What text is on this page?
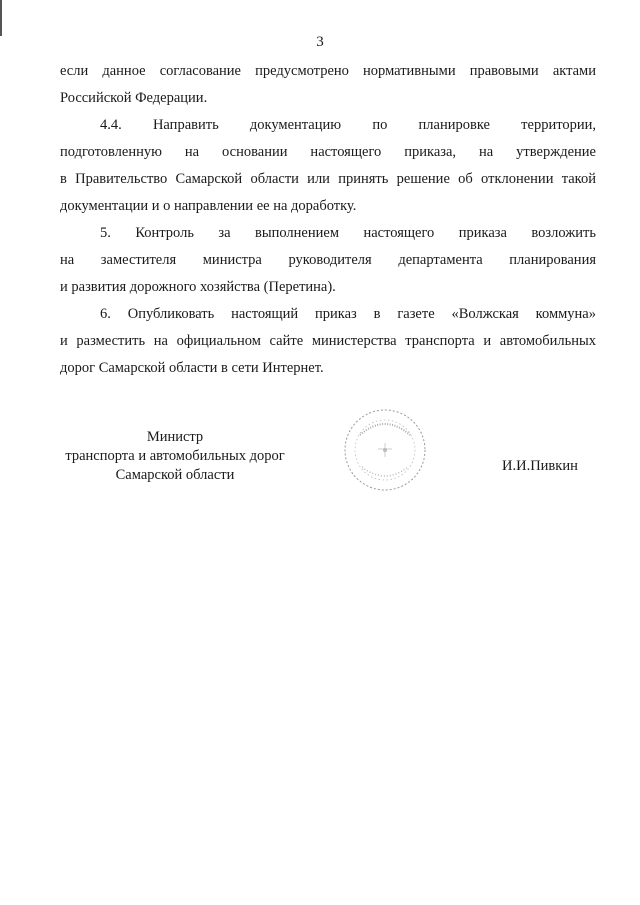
3

если данное согласование предусмотрено нормативными правовыми актами
Российской Федерации.

4.4. Направить документацию по планировке территории,
подготовленную на основании настоящего приказа, на утверждение
в Правительство Самарской области или принять решение об отклонении такой
документации и о направлении ее на доработку.

5. Контроль за выполнением настоящего приказа возложить
на заместителя министра руководителя департамента планирования
и развития дорожного хозяйства (Перетина).

6. Опубликовать настоящий приказ в газете «Волжская коммуна»
и разместить на официальном сайте министерства транспорта и автомобильных
дорог Самарской области в сети Интернет.

Министр
транспорта и автомобильных дорог
Самарской области
И.И.Пивкин
